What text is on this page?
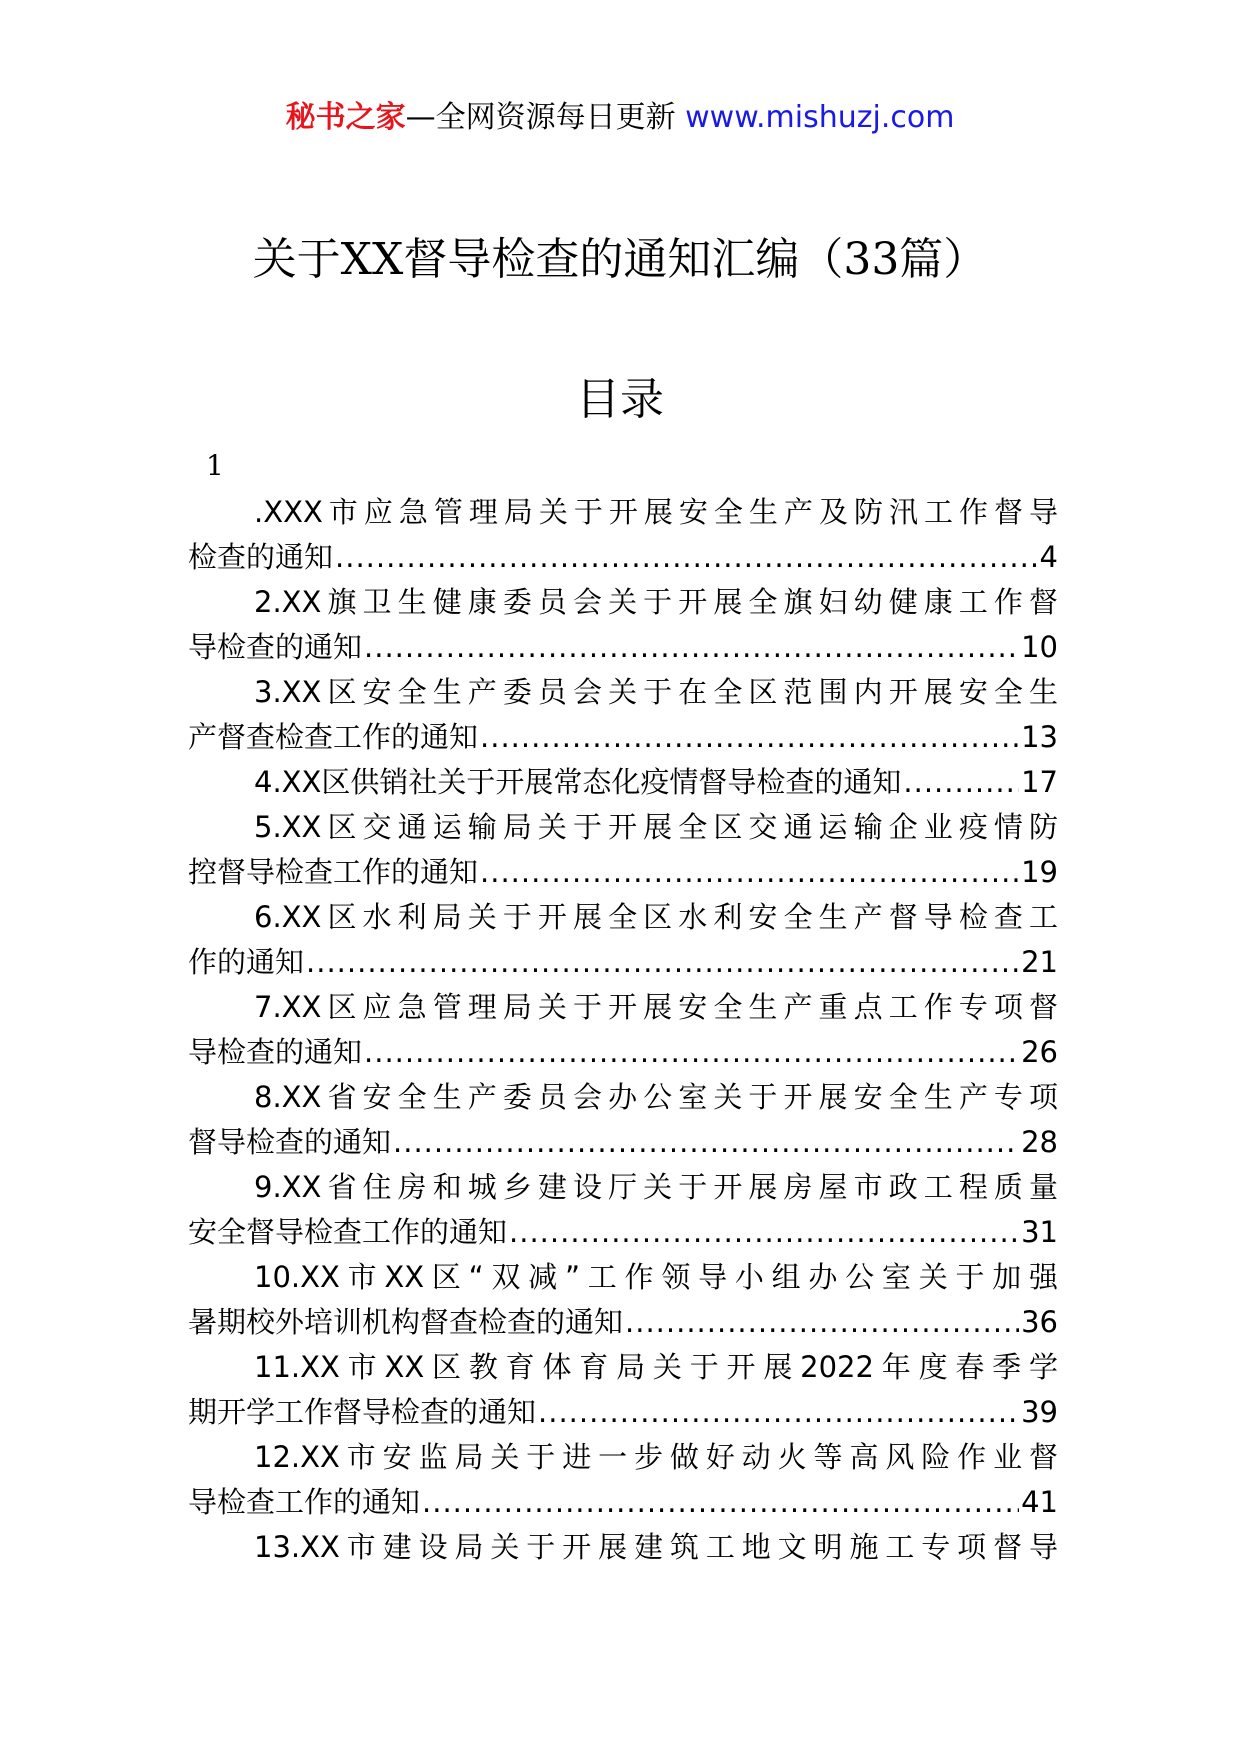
秘书之家—全网资源每日更新 www.mishuzj.com
关于XX督导检查的通知汇编（33篇）
目录
1
.XXX市应急管理局关于开展安全生产及防汛工作督导
检查的通知 .....	4
2.XX旗卫生健康委员会关于开展全旗妇幼健康工作督
导检查的通知 .....	10
3.XX区安全生产委员会关于在全区范围内开展安全生
产督查检查工作的通知 .....	13
4.XX区供销社关于开展常态化疫情督导检查的通知 .....	17
5.XX区交通运输局关于开展全区交通运输企业疫情防
控督导检查工作的通知 .....	19
6.XX区水利局关于开展全区水利安全生产督导检查工
作的通知 .....	21
7.XX区应急管理局关于开展安全生产重点工作专项督
导检查的通知 .....	26
8.XX省安全生产委员会办公室关于开展安全生产专项
督导检查的通知 .....	28
9.XX省住房和城乡建设厅关于开展房屋市政工程质量
安全督导检查工作的通知 .....	31
10.XX市XX区“双减”工作领导小组办公室关于加强
暑期校外培训机构督查检查的通知 .....	36
11.XX市XX区教育体育局关于开展2022年度春季学
期开学工作督导检查的通知 .....	39
12.XX市安监局关于进一步做好动火等高风险作业督
导检查工作的通知 .....	41
13.XX市建设局关于开展建筑工地文明施工专项督导
